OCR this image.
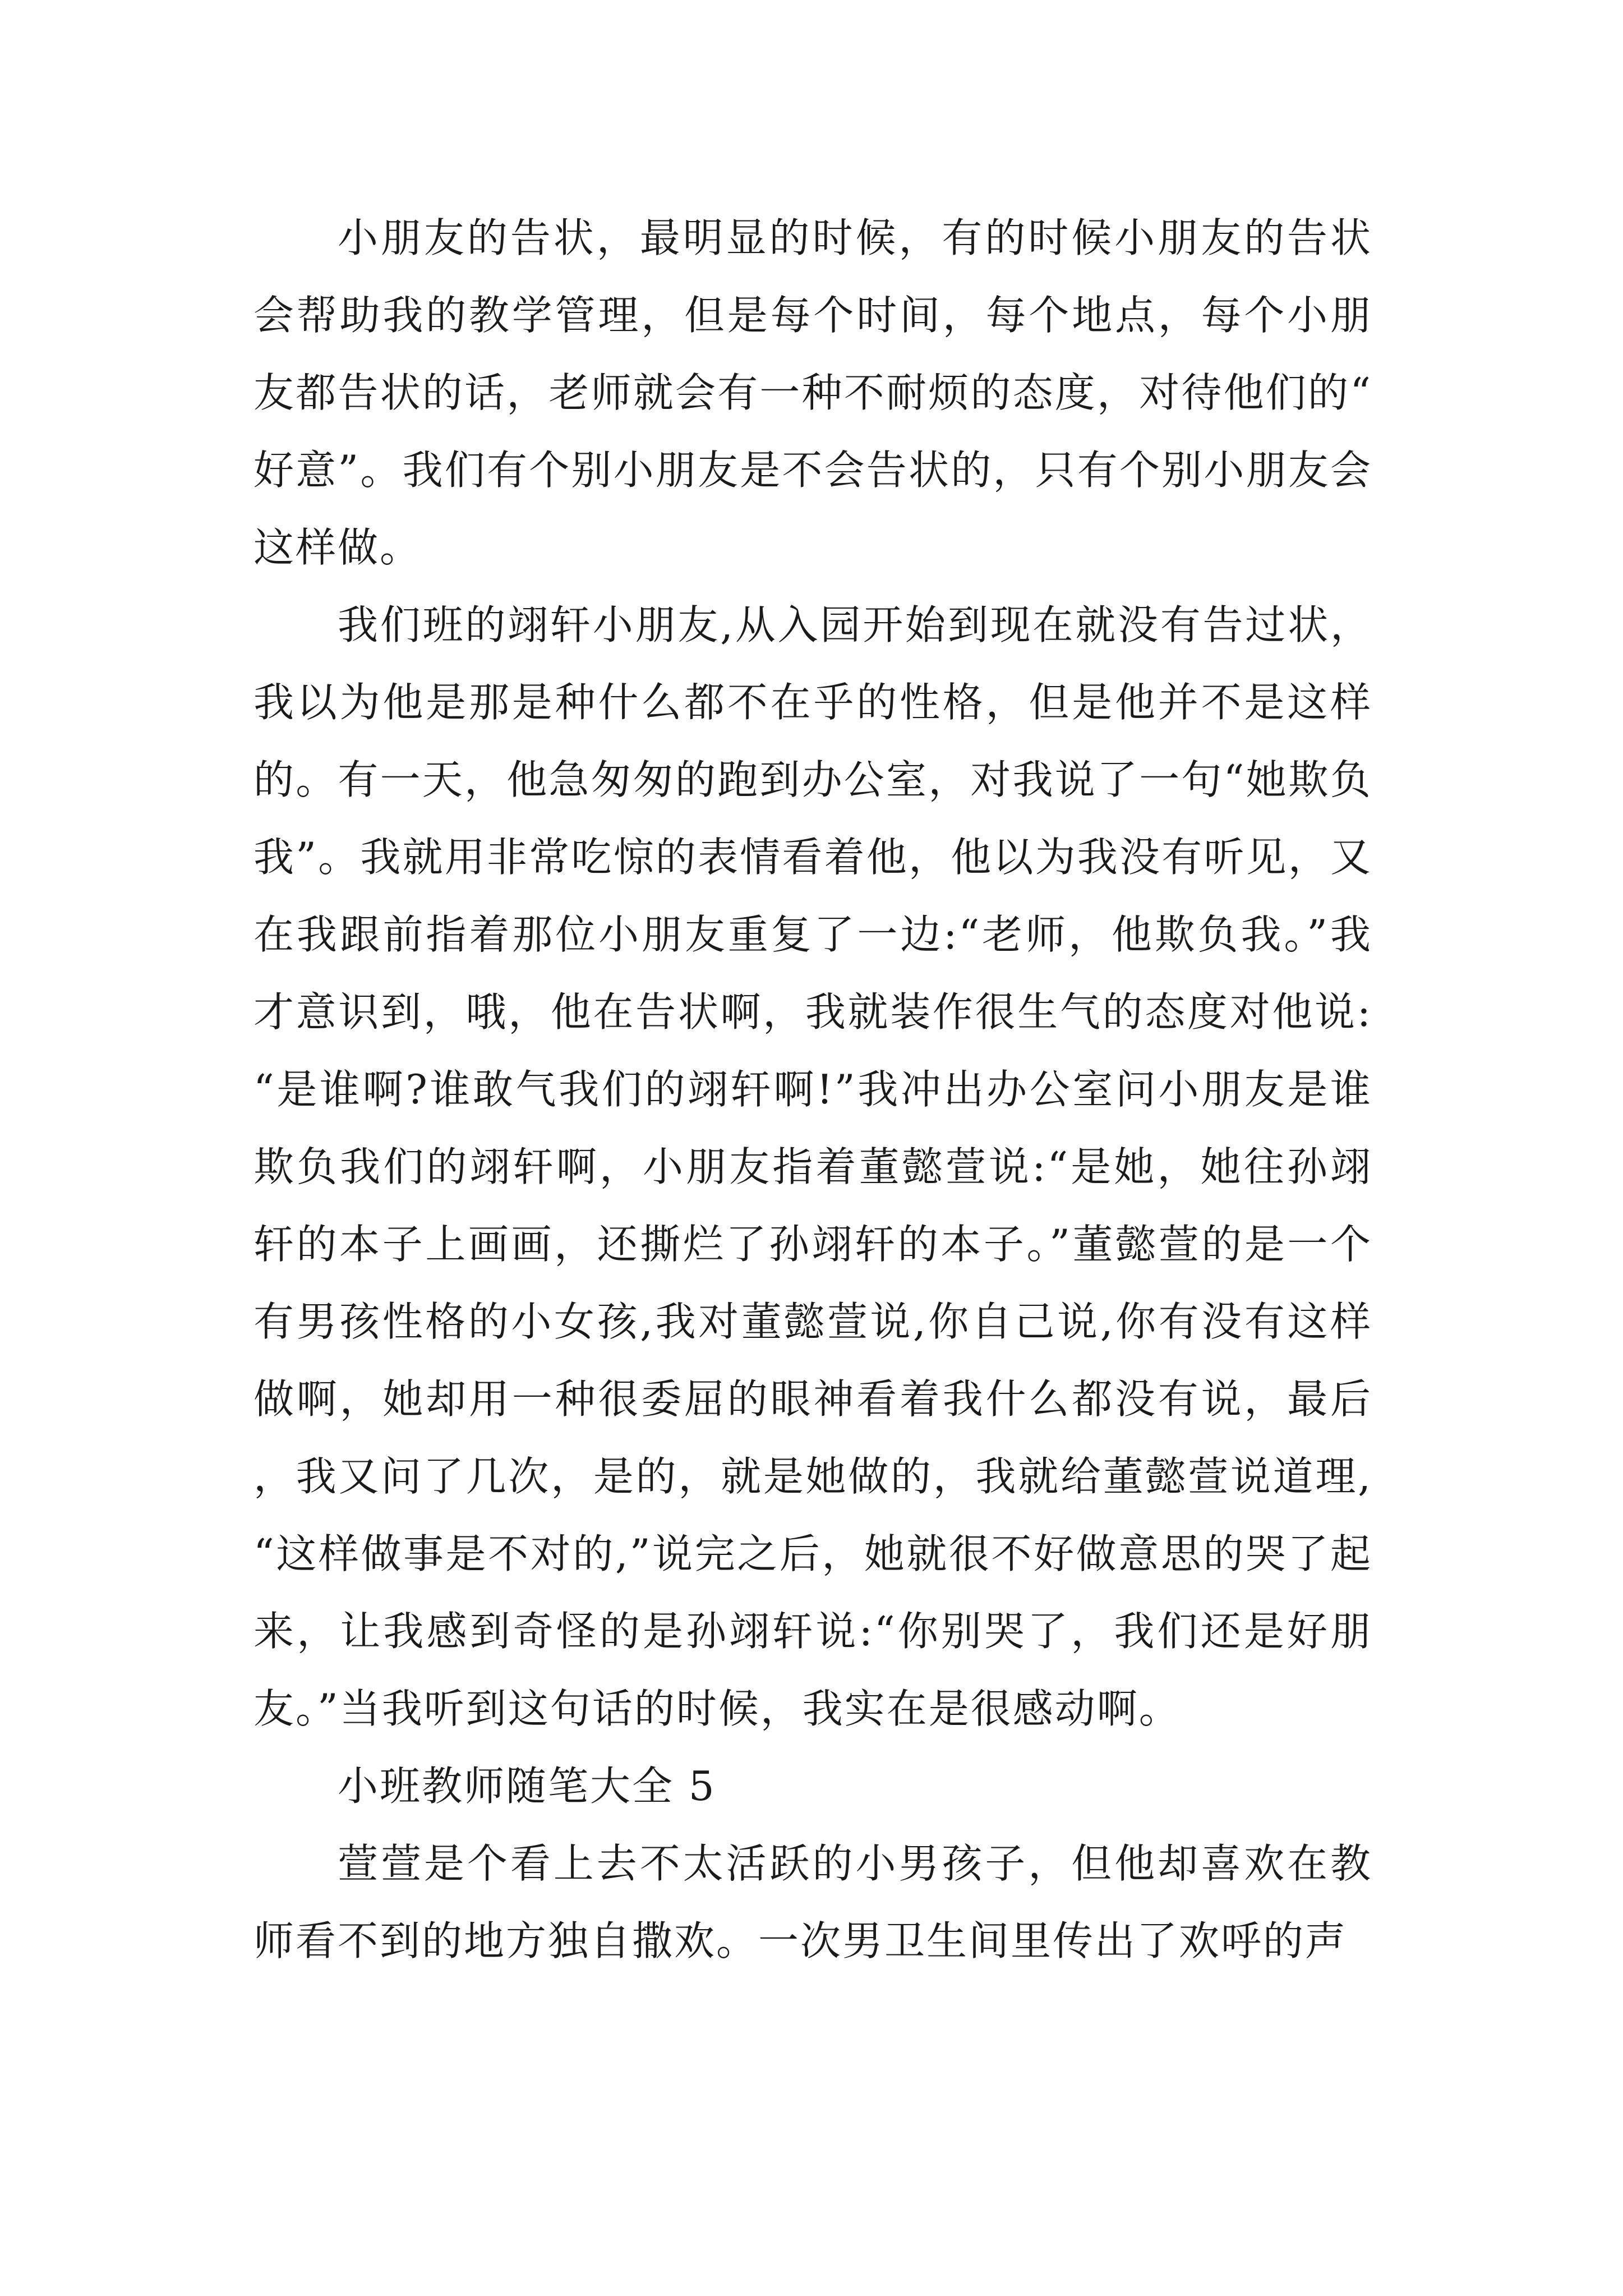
小朋友的告状，最明显的时候，有的时候小朋友的告状会帮助我的教学管理，但是每个时间，每个地点，每个小朋友都告状的话，老师就会有一种不耐烦的态度，对待他们的“好意”。我们有个别小朋友是不会告状的，只有个别小朋友会这样做。

我们班的翊轩小朋友,从入园开始到现在就没有告过状，我以为他是那是种什么都不在乎的性格，但是他并不是这样的。有一天，他急匆匆的跑到办公室，对我说了一句“她欺负我”。我就用非常吃惊的表情看着他，他以为我没有听见，又在我跟前指着那位小朋友重复了一边:“老师，他欺负我。”我才意识到，哦，他在告状啊，我就装作很生气的态度对他说:“是谁啊?谁敢气我们的翊轩啊!”我冲出办公室问小朋友是谁欺负我们的翊轩啊，小朋友指着董懿萱说:“是她，她往孙翊轩的本子上画画，还撕烂了孙翊轩的本子。”董懿萱的是一个有男孩性格的小女孩,我对董懿萱说,你自己说,你有没有这样做啊，她却用一种很委屈的眼神看着我什么都没有说，最后，我又问了几次，是的，就是她做的，我就给董懿萱说道理,“这样做事是不对的,”说完之后，她就很不好做意思的哭了起来，让我感到奇怪的是孙翊轩说:“你别哭了，我们还是好朋友。”当我听到这句话的时候，我实在是很感动啊。

小班教师随笔大全 5

萱萱是个看上去不太活跃的小男孩子，但他却喜欢在教师看不到的地方独自撒欢。一次男卫生间里传出了欢呼的声
